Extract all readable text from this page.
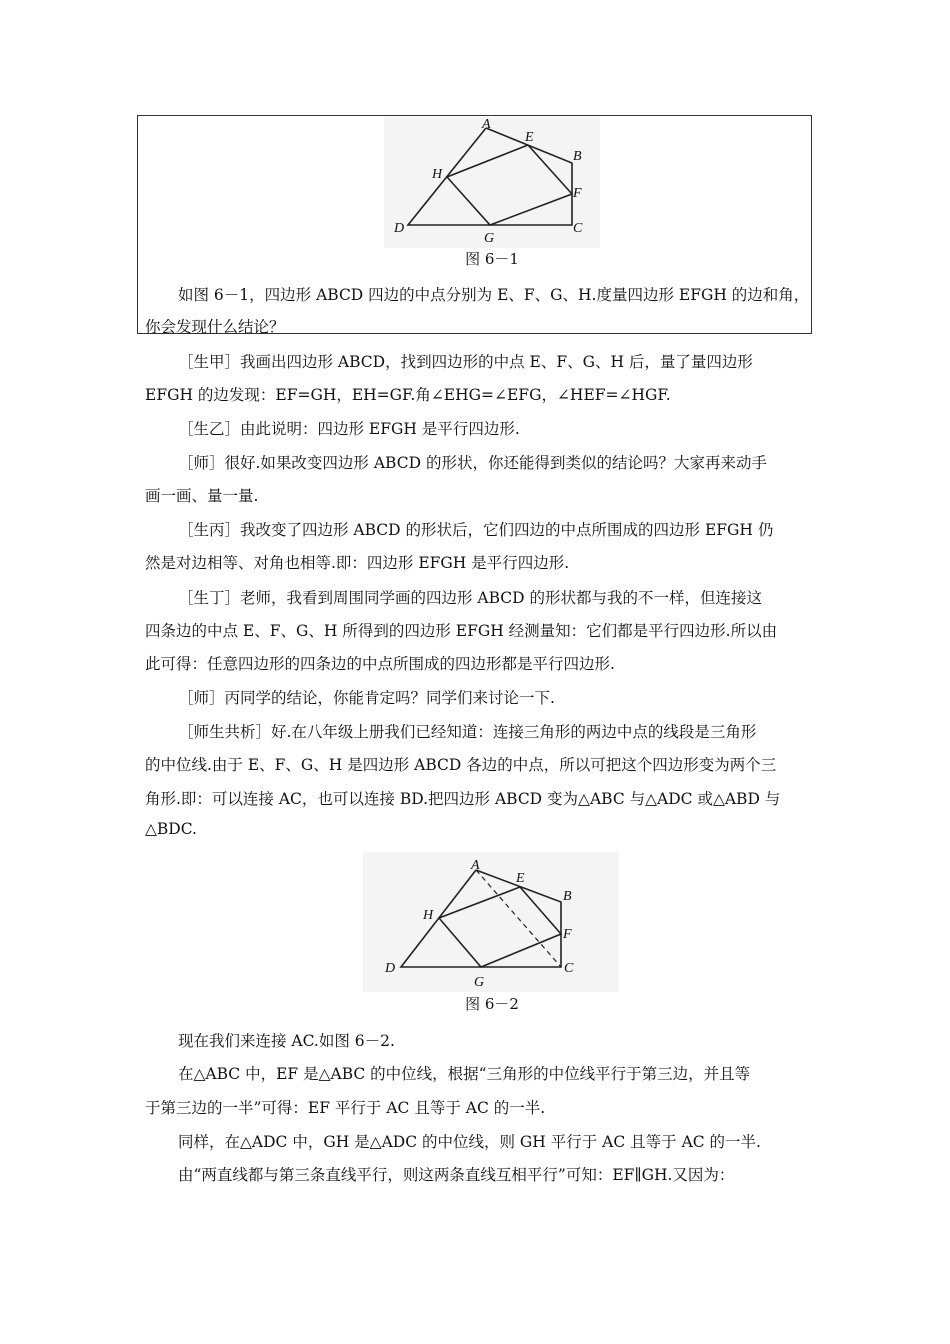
A
E
B
H
F
D
G
C
图 6－1
如图 6－1，四边形 ABCD 四边的中点分别为 E、F、G、H.度量四边形 EFGH 的边和角，
你会发现什么结论？
［生甲］我画出四边形 ABCD，找到四边形的中点 E、F、G、H 后，量了量四边形
EFGH 的边发现：EF=GH，EH=GF.角∠EHG=∠EFG，∠HEF=∠HGF.
［生乙］由此说明：四边形 EFGH 是平行四边形.
［师］很好.如果改变四边形 ABCD 的形状，你还能得到类似的结论吗？大家再来动手
画一画、量一量.
［生丙］我改变了四边形 ABCD 的形状后，它们四边的中点所围成的四边形 EFGH 仍
然是对边相等、对角也相等.即：四边形 EFGH 是平行四边形.
［生丁］老师，我看到周围同学画的四边形 ABCD 的形状都与我的不一样，但连接这
四条边的中点 E、F、G、H 所得到的四边形 EFGH 经测量知：它们都是平行四边形.所以由
此可得：任意四边形的四条边的中点所围成的四边形都是平行四边形.
［师］丙同学的结论，你能肯定吗？同学们来讨论一下.
［师生共析］好.在八年级上册我们已经知道：连接三角形的两边中点的线段是三角形
的中位线.由于 E、F、G、H 是四边形 ABCD 各边的中点，所以可把这个四边形变为两个三
角形.即：可以连接 AC，也可以连接 BD.把四边形 ABCD 变为△ABC 与△ADC 或△ABD 与
△BDC.
A
E
B
H
F
D
G
C
图 6－2
现在我们来连接 AC.如图 6－2.
在△ABC 中，EF 是△ABC 的中位线，根据“三角形的中位线平行于第三边，并且等
于第三边的一半”可得：EF 平行于 AC 且等于 AC 的一半.
同样，在△ADC 中，GH 是△ADC 的中位线，则 GH 平行于 AC 且等于 AC 的一半.
由“两直线都与第三条直线平行，则这两条直线互相平行”可知：EF∥GH.又因为：
